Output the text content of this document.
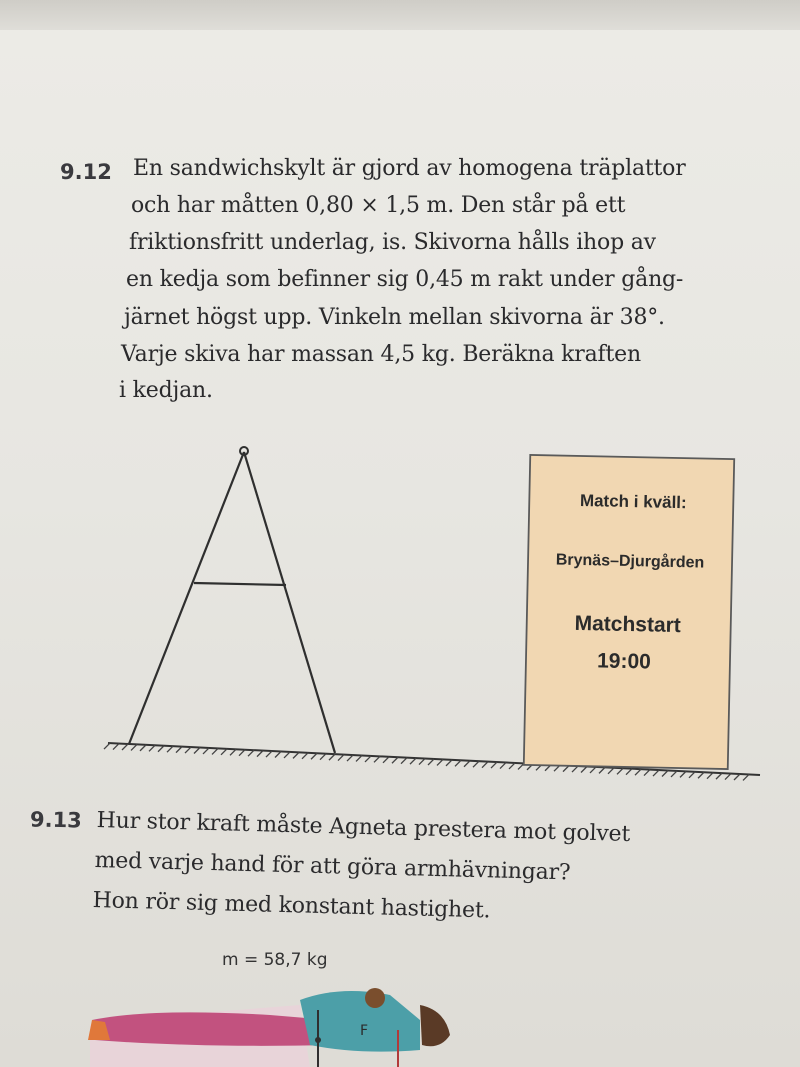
9.12 En sandwichskylt är gjord av homogena träplattor
och har måtten 0,80 × 1,5 m. Den står på ett
friktionsfritt underlag, is. Skivorna hålls ihop av
en kedja som befinner sig 0,45 m rakt under gång-
järnet högst upp. Vinkeln mellan skivorna är 38°.
Varje skiva har massan 4,5 kg. Beräkna kraften
i kedjan.
Match i kväll:
Brynäs–Djurgården
Matchstart
19:00
F
9.13 Hur stor kraft måste Agneta prestera mot golvet
med varje hand för att göra armhävningar?
Hon rör sig med konstant hastighet.
m = 58,7 kg
